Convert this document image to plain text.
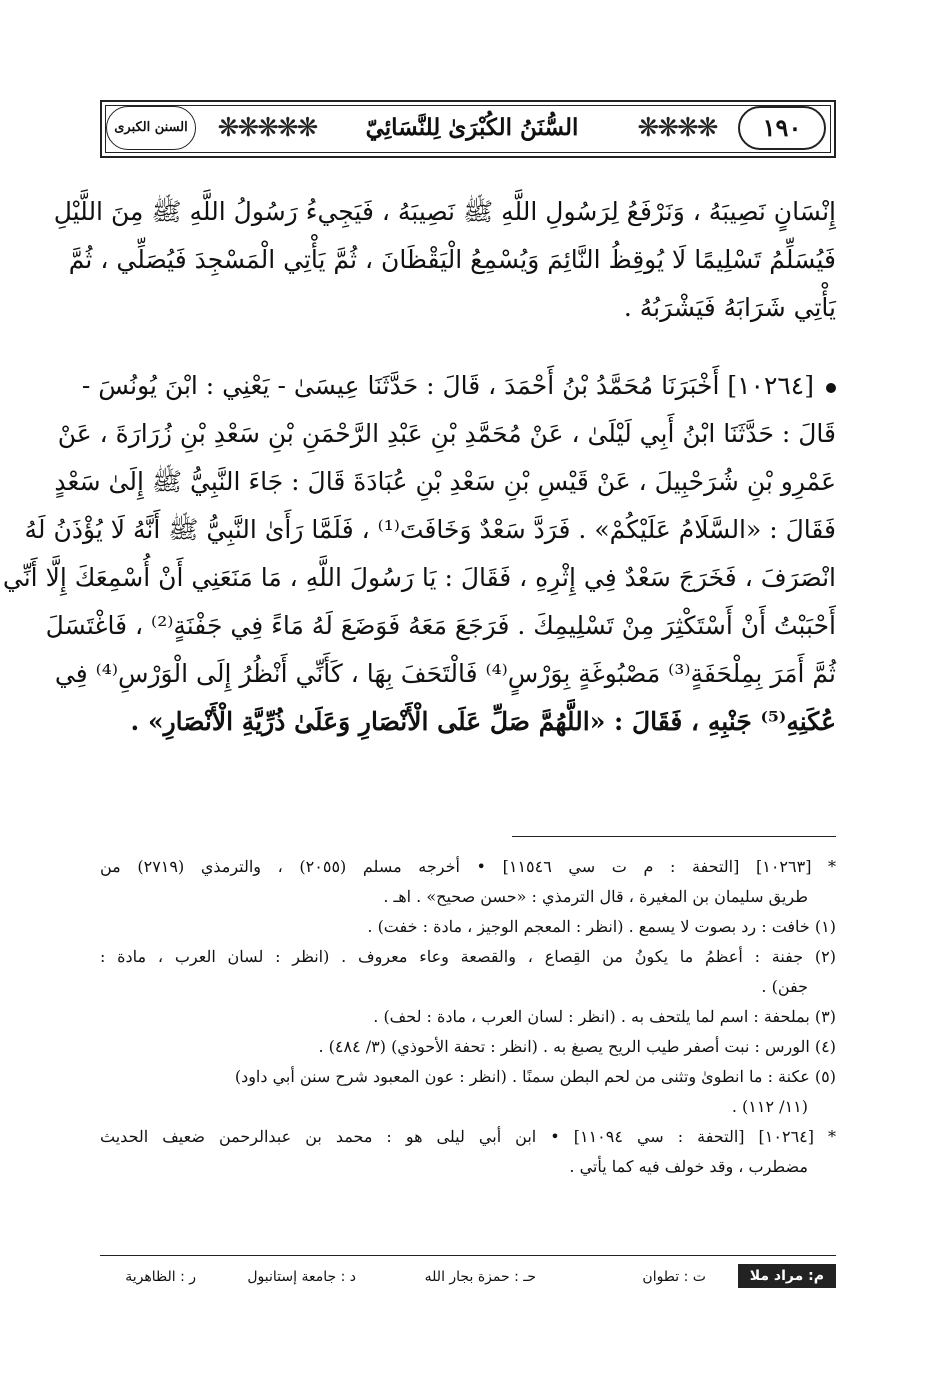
السنن الكبرى	❋❋❋❋❋	السُّنَنُ الكُبْرَىٰ لِلنَّسَائِيّ	❋❋❋❋	١٩٠
إِنْسَانٍ نَصِيبَهُ ، وَنَرْفَعُ لِرَسُولِ اللَّهِ ﷺ نَصِيبَهُ ، فَيَجِيءُ رَسُولُ اللَّهِ ﷺ مِنَ اللَّيْلِ
فَيُسَلِّمُ تَسْلِيمًا لَا يُوقِظُ النَّائِمَ وَيُسْمِعُ الْيَقْظَانَ ، ثُمَّ يَأْتِي الْمَسْجِدَ فَيُصَلِّي ، ثُمَّ
يَأْتِي شَرَابَهُ فَيَشْرَبُهُ .
[١٠٢٦٤] أَخْبَرَنَا مُحَمَّدُ بْنُ أَحْمَدَ ، قَالَ : حَدَّثَنَا عِيسَىٰ - يَعْنِي : ابْنَ يُونُسَ -
قَالَ : حَدَّثَنَا ابْنُ أَبِي لَيْلَىٰ ، عَنْ مُحَمَّدِ بْنِ عَبْدِ الرَّحْمَنِ بْنِ سَعْدِ بْنِ زُرَارَةَ ، عَنْ
عَمْرِو بْنِ شُرَحْبِيلَ ، عَنْ قَيْسِ بْنِ سَعْدِ بْنِ عُبَادَةَ قَالَ : جَاءَ النَّبِيُّ ﷺ إِلَىٰ سَعْدٍ
فَقَالَ : «السَّلَامُ عَلَيْكُمْ» . فَرَدَّ سَعْدٌ وَخَافَتَ⁽¹⁾ ، فَلَمَّا رَأَىٰ النَّبِيُّ ﷺ أَنَّهُ لَا يُؤْذَنُ لَهُ
انْصَرَفَ ، فَخَرَجَ سَعْدٌ فِي إِثْرِهِ ، فَقَالَ : يَا رَسُولَ اللَّهِ ، مَا مَنَعَنِي أَنْ أُسْمِعَكَ إِلَّا أَنِّي
أَحْبَبْتُ أَنْ أَسْتَكْثِرَ مِنْ تَسْلِيمِكَ . فَرَجَعَ مَعَهُ فَوَضَعَ لَهُ مَاءً فِي جَفْنَةٍ⁽²⁾ ، فَاغْتَسَلَ
ثُمَّ أَمَرَ بِمِلْحَفَةٍ⁽³⁾ مَصْبُوغَةٍ بِوَرْسٍ⁽⁴⁾ فَالْتَحَفَ بِهَا ، كَأَنِّي أَنْظُرُ إِلَى الْوَرْسِ⁽⁴⁾ فِي
عُكَنِهِ⁽⁵⁾ جَنْبِهِ ، فَقَالَ : «اللَّهُمَّ صَلِّ عَلَى الْأَنْصَارِ وَعَلَىٰ ذُرِّيَّةِ الْأَنْصَارِ» .
* [١٠٢٦٣] [التحفة : م ت سي ١١٥٤٦] • أخرجه مسلم (٢٠٥٥) ، والترمذي (٢٧١٩) من
طريق سليمان بن المغيرة ، قال الترمذي : «حسن صحيح» . اهـ .
(١) خافت : رد بصوت لا يسمع . (انظر : المعجم الوجيز ، مادة : خفت) .
(٢) جفنة : أعظمُ ما يكونُ من القِصاع ، والقصعة وعاء معروف . (انظر : لسان العرب ، مادة :
جفن) .
(٣) بملحفة : اسم لما يلتحف به . (انظر : لسان العرب ، مادة : لحف) .
(٤) الورس : نبت أصفر طيب الريح يصبغ به . (انظر : تحفة الأحوذي) (٣/ ٤٨٤) .
(٥) عكنة : ما انطوىٰ وتثنى من لحم البطن سمنًا . (انظر : عون المعبود شرح سنن أبي داود)
(١١/ ١١٢) .
* [١٠٢٦٤] [التحفة : سي ١١٠٩٤] • ابن أبي ليلى هو : محمد بن عبدالرحمن ضعيف الحديث
مضطرب ، وقد خولف فيه كما يأتي .
م: مراد ملا
ت : تطوان
حـ : حمزة بجار الله
د : جامعة إستانبول
ر : الظاهرية
